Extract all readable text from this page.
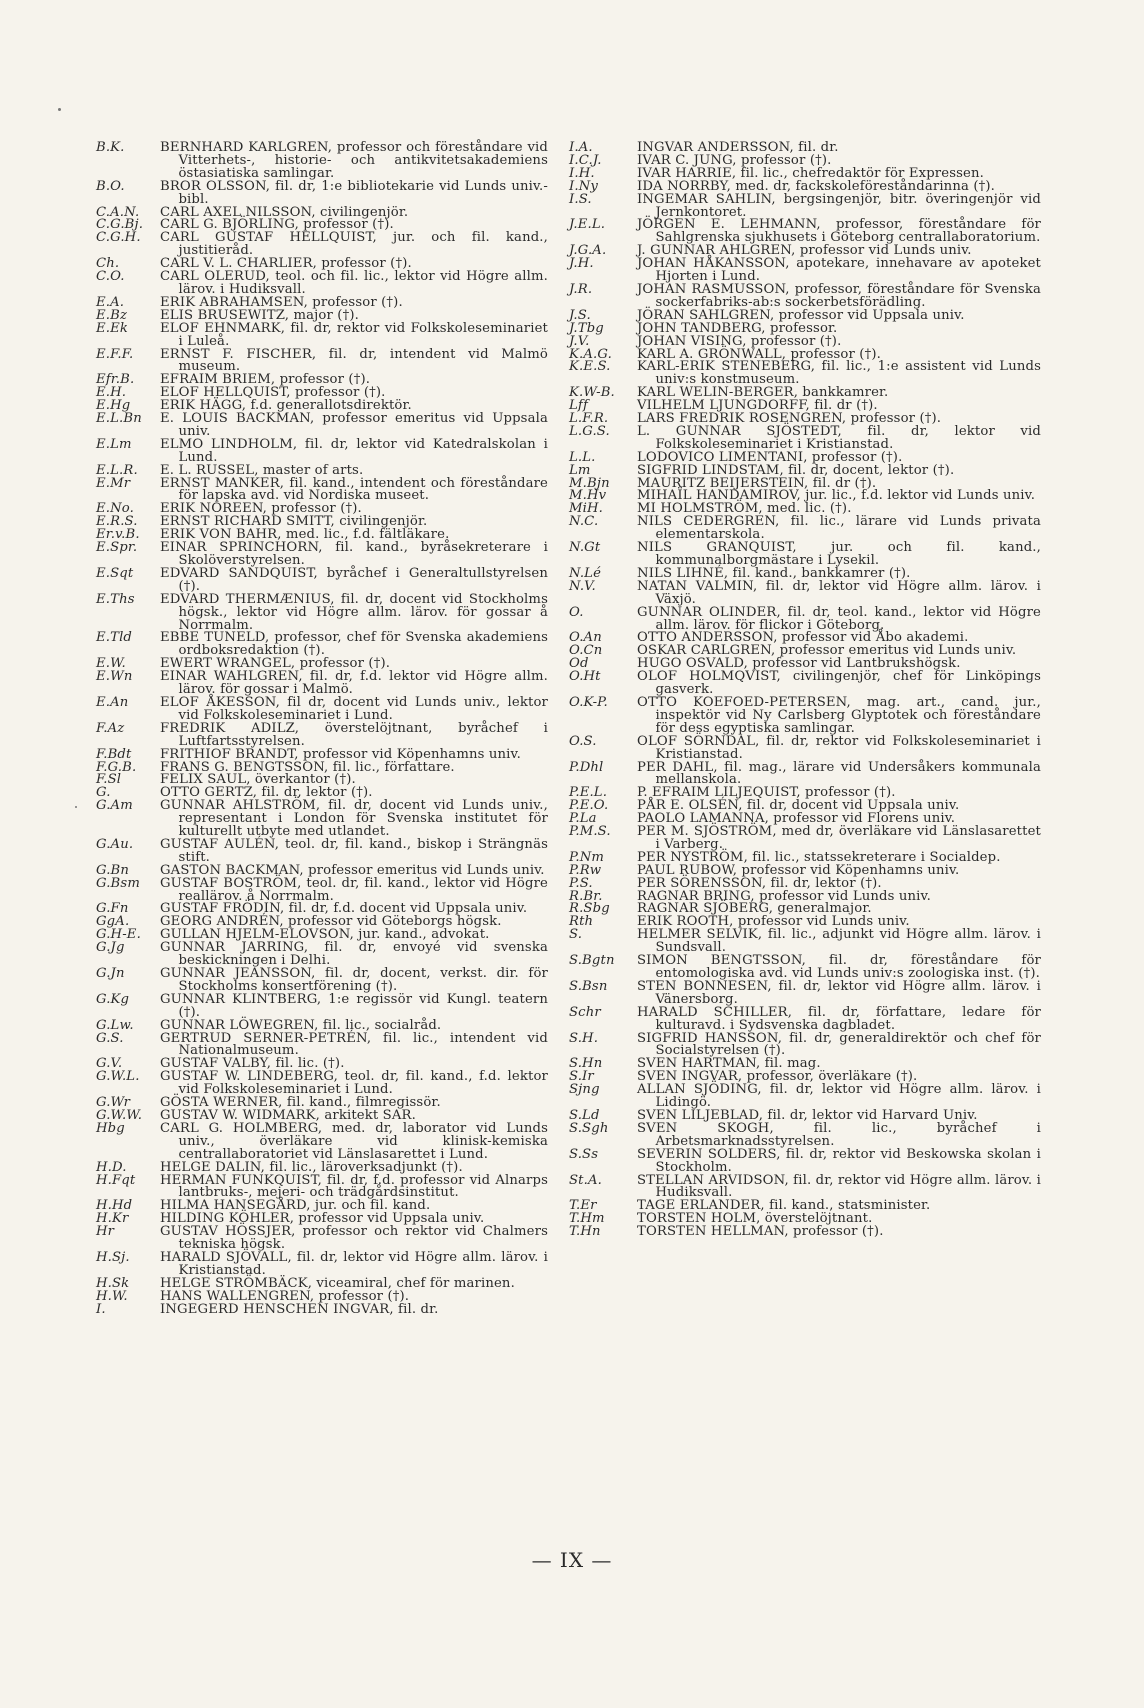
B.K.	BERNHARD KARLGREN, professor och föreståndare vid Vitterhets-, historie- och antikvitetsakademiens östasiatiska samlingar.
B.O.	BROR OLSSON, fil. dr, 1:e bibliotekarie vid Lunds univ.-bibl.
C.A.N.	CARL AXEL NILSSON, civilingenjör.
C.G.Bj.	CARL G. BJÖRLING, professor (†).
C.G.H.	CARL GUSTAF HELLQUIST, jur. och fil. kand., justitieråd.
Ch.	CARL V. L. CHARLIER, professor (†).
C.O.	CARL OLERUD, teol. och fil. lic., lektor vid Högre allm. lärov. i Hudiksvall.
E.A.	ERIK ABRAHAMSEN, professor (†).
E.Bz	ELIS BRUSEWITZ, major (†).
E.Ek	ELOF EHNMARK, fil. dr, rektor vid Folkskoleseminariet i Luleå.
E.F.F.	ERNST F. FISCHER, fil. dr, intendent vid Malmö museum.
Efr.B.	EFRAIM BRIEM, professor (†).
E.H.	ELOF HELLQUIST, professor (†).
E.Hg	ERIK HÄGG, f.d. generallotsdirektör.
E.L.Bn	E. LOUIS BACKMAN, professor emeritus vid Uppsala univ.
E.Lm	ELMO LINDHOLM, fil. dr, lektor vid Katedralskolan i Lund.
E.L.R.	E. L. RUSSEL, master of arts.
E.Mr	ERNST MANKER, fil. kand., intendent och föreståndare för lapska avd. vid Nordiska museet.
E.No.	ERIK NOREEN, professor (†).
E.R.S.	ERNST RICHARD SMITT, civilingenjör.
Er.v.B.	ERIK VON BAHR, med. lic., f.d. fältläkare.
E.Spr.	EINAR SPRINCHORN, fil. kand., byråsekreterare i Skolöverstyrelsen.
E.Sqt	EDVARD SANDQUIST, byråchef i Generaltullstyrelsen (†).
E.Ths	EDVARD THERMÆNIUS, fil. dr, docent vid Stockholms högsk., lektor vid Högre allm. lärov. för gossar å Norrmalm.
E.Tld	EBBE TUNELD, professor, chef för Svenska akademiens ordboksredaktion (†).
E.W.	EWERT WRANGEL, professor (†).
E.Wn	EINAR WAHLGREN, fil. dr, f.d. lektor vid Högre allm. lärov. för gossar i Malmö.
E.An	ELOF ÅKESSON, fil dr, docent vid Lunds univ., lektor vid Folkskoleseminariet i Lund.
F.Az	FREDRIK ADILZ, överstelöjtnant, byråchef i Luftfartsstyrelsen.
F.Bdt	FRITHIOF BRANDT, professor vid Köpenhamns univ.
F.G.B.	FRANS G. BENGTSSON, fil. lic., författare.
F.Sl	FELIX SAUL, överkantor (†).
G.	OTTO GERTZ, fil. dr, lektor (†).
G.Am	GUNNAR AHLSTRÖM, fil. dr, docent vid Lunds univ., representant i London för Svenska institutet för kulturellt utbyte med utlandet.
G.Au.	GUSTAF AULÉN, teol. dr, fil. kand., biskop i Strängnäs stift.
G.Bn	GASTON BACKMAN, professor emeritus vid Lunds univ.
G.Bsm	GUSTAF BOSTRÖM, teol. dr, fil. kand., lektor vid Högre reallärov. å Norrmalm.
G.Fn	GUSTAF FRÖDIN, fil. dr, f.d. docent vid Uppsala univ.
GgA.	GEORG ANDRÉN, professor vid Göteborgs högsk.
G.H-E.	GULLAN HJELM-ELOVSON, jur. kand., advokat.
G.Jg	GUNNAR JARRING, fil. dr, envoyé vid svenska beskickningen i Delhi.
G.Jn	GUNNAR JEANSSON, fil. dr, docent, verkst. dir. för Stockholms konsertförening (†).
G.Kg	GUNNAR KLINTBERG, 1:e regissör vid Kungl. teatern (†).
G.Lw.	GUNNAR LÖWEGREN, fil. lic., socialråd.
G.S.	GERTRUD SERNER-PETRÉN, fil. lic., intendent vid Nationalmuseum.
G.V.	GUSTAF VALBY, fil. lic. (†).
G.W.L.	GUSTAF W. LINDEBERG, teol. dr, fil. kand., f.d. lektor vid Folkskoleseminariet i Lund.
G.Wr	GÖSTA WERNER, fil. kand., filmregissör.
G.W.W.	GUSTAV W. WIDMARK, arkitekt SAR.
Hbg	CARL G. HOLMBERG, med. dr, laborator vid Lunds univ., överläkare vid klinisk-kemiska centrallaboratoriet vid Länslasarettet i Lund.
H.D.	HELGE DALIN, fil. lic., läroverksadjunkt (†).
H.Fqt	HERMAN FUNKQUIST, fil. dr, f.d. professor vid Alnarps lantbruks-, mejeri- och trädgårdsinstitut.
H.Hd	HILMA HANSEGÅRD, jur. och fil. kand.
H.Kr	HILDING KÖHLER, professor vid Uppsala univ.
Hr	GUSTAV HÖSSJER, professor och rektor vid Chalmers tekniska högsk.
H.Sj.	HARALD SJÖVALL, fil. dr, lektor vid Högre allm. lärov. i Kristianstad.
H.Sk	HELGE STRÖMBÄCK, viceamiral, chef för marinen.
H.W.	HANS WALLENGREN, professor (†).
I.	INGEGERD HENSCHEN INGVAR, fil. dr.
I.A.	INGVAR ANDERSSON, fil. dr.
I.C.J.	IVAR C. JUNG, professor (†).
I.H.	IVAR HARRIE, fil. lic., chefredaktör för Expressen.
I.Ny	IDA NORRBY, med. dr, fackskoleföreståndarinna (†).
I.S.	INGEMAR SAHLIN, bergsingenjör, bitr. överingenjör vid Jernkontoret.
J.E.L.	JÖRGEN E. LEHMANN, professor, föreståndare för Sahlgrenska sjukhusets i Göteborg centrallaboratorium.
J.G.A.	J. GUNNAR AHLGREN, professor vid Lunds univ.
J.H.	JOHAN HÅKANSSON, apotekare, innehavare av apoteket Hjorten i Lund.
J.R.	JOHAN RASMUSSON, professor, föreståndare för Svenska sockerfabriks-ab:s sockerbetsförädling.
J.S.	JÖRAN SAHLGREN, professor vid Uppsala univ.
J.Tbg	JOHN TANDBERG, professor.
J.V.	JOHAN VISING, professor (†).
K.A.G.	KARL A. GRÖNWALL, professor (†).
K.E.S.	KARL-ERIK STENEBERG, fil. lic., 1:e assistent vid Lunds univ:s konstmuseum.
K.W-B.	KARL WELIN-BERGER, bankkamrer.
Lff	VILHELM LJUNGDORFF, fil. dr (†).
L.F.R.	LARS FREDRIK ROSENGREN, professor (†).
L.G.S.	L. GUNNAR SJÖSTEDT, fil. dr, lektor vid Folkskoleseminariet i Kristianstad.
L.L.	LODOVICO LIMENTANI, professor (†).
Lm	SIGFRID LINDSTAM, fil. dr, docent, lektor (†).
M.Bjn	MAURITZ BEIJERSTEIN, fil. dr (†).
M.Hv	MIHAÏL HANDAMIROV, jur. lic., f.d. lektor vid Lunds univ.
MiH.	MI HOLMSTRÖM, med. lic. (†).
N.C.	NILS CEDERGREN, fil. lic., lärare vid Lunds privata elementarskola.
N.Gt	NILS GRANQUIST, jur. och fil. kand., kommunalborgmästare i Lysekil.
N.Lé	NILS LIHNÉ, fil. kand., bankkamrer (†).
N.V.	NATAN VALMIN, fil. dr, lektor vid Högre allm. lärov. i Växjö.
O.	GUNNAR OLINDER, fil. dr, teol. kand., lektor vid Högre allm. lärov. för flickor i Göteborg.
O.An	OTTO ANDERSSON, professor vid Åbo akademi.
O.Cn	OSKAR CARLGREN, professor emeritus vid Lunds univ.
Od	HUGO OSVALD, professor vid Lantbrukshögsk.
O.Ht	OLOF HOLMQVIST, civilingenjör, chef för Linköpings gasverk.
O.K-P.	OTTO KOEFOED-PETERSEN, mag. art., cand. jur., inspektör vid Ny Carlsberg Glyptotek och föreståndare för dess egyptiska samlingar.
O.S.	OLOF SÖRNDAL, fil. dr, rektor vid Folkskoleseminariet i Kristianstad.
P.Dhl	PER DAHL, fil. mag., lärare vid Undersåkers kommunala mellanskola.
P.E.L.	P. EFRAIM LILJEQUIST, professor (†).
P.E.O.	PÅR E. OLSÉN, fil. dr, docent vid Uppsala univ.
P.La	PAOLO LAMANNA, professor vid Florens univ.
P.M.S.	PER M. SJÖSTRÖM, med dr, överläkare vid Länslasarettet i Varberg.
P.Nm	PER NYSTRÖM, fil. lic., statssekreterare i Socialdep.
P.Rw	PAUL RUBOW, professor vid Köpenhamns univ.
P.S.	PER SÖRENSSON, fil. dr, lektor (†).
R.Br.	RAGNAR BRING, professor vid Lunds univ.
R.Sbg	RAGNAR SJÖBERG, generalmajor.
Rth	ERIK ROOTH, professor vid Lunds univ.
S.	HELMER SELVIK, fil. lic., adjunkt vid Högre allm. lärov. i Sundsvall.
S.Bgtn	SIMON BENGTSSON, fil. dr, föreståndare för entomologiska avd. vid Lunds univ:s zoologiska inst. (†).
S.Bsn	STEN BONNESEN, fil. dr, lektor vid Högre allm. lärov. i Vänersborg.
Schr	HARALD SCHILLER, fil. dr, författare, ledare för kulturavd. i Sydsvenska dagbladet.
S.H.	SIGFRID HANSSON, fil. dr, generaldirektör och chef för Socialstyrelsen (†).
S.Hn	SVEN HARTMAN, fil. mag.
S.Ir	SVEN INGVAR, professor, överläkare (†).
Sjng	ALLAN SJÖDING, fil. dr, lektor vid Högre allm. lärov. i Lidingö.
S.Ld	SVEN LILJEBLAD, fil. dr, lektor vid Harvard Univ.
S.Sgh	SVEN SKOGH, fil. lic., byråchef i Arbetsmarknadsstyrelsen.
S.Ss	SEVERIN SOLDERS, fil. dr, rektor vid Beskowska skolan i Stockholm.
St.A.	STELLAN ARVIDSON, fil. dr, rektor vid Högre allm. lärov. i Hudiksvall.
T.Er	TAGE ERLANDER, fil. kand., statsminister.
T.Hm	TORSTEN HOLM, överstelöjtnant.
T.Hn	TORSTEN HELLMAN, professor (†).
— IX —
